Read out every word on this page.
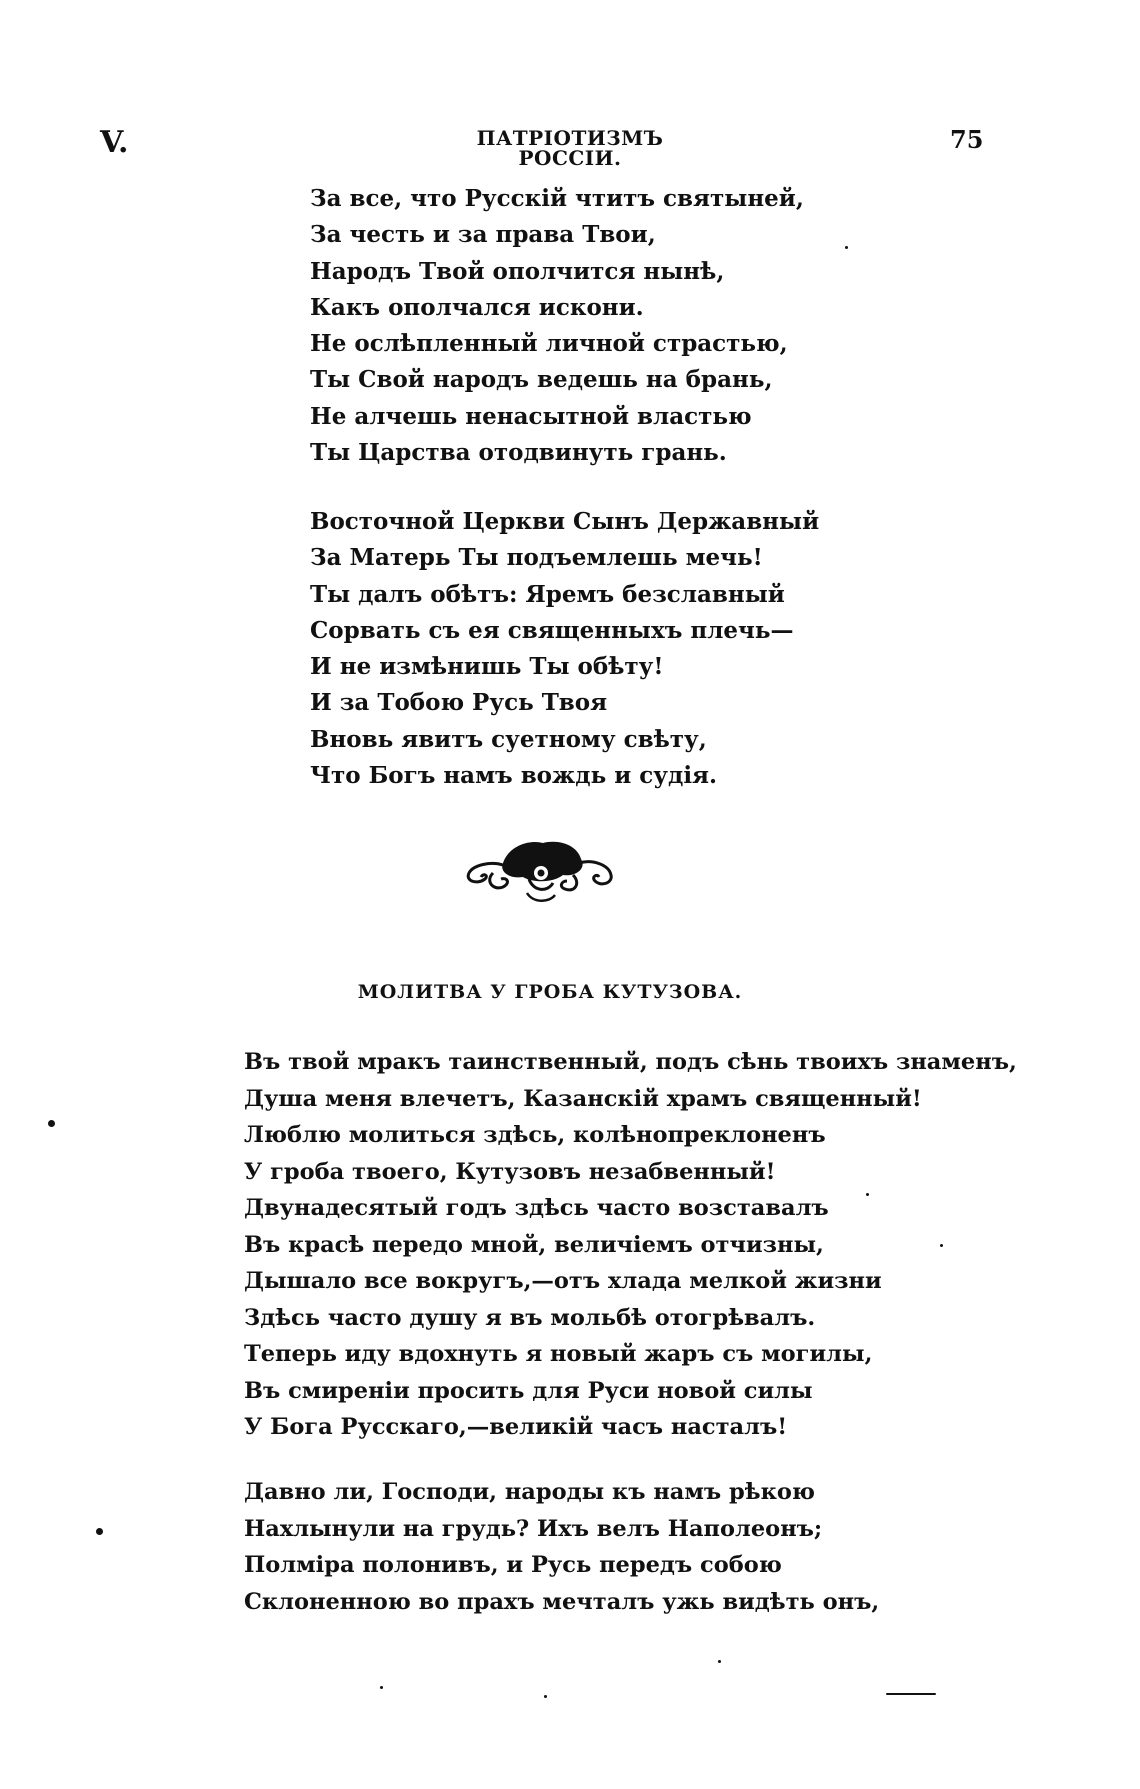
V.	ПАТРІОТИЗМЪ РОССІИ.
75
За все, что Русскій чтитъ святыней,
За честь и за права Твои,
Народъ Твой ополчится нынѣ,
Какъ ополчался искони.
Не ослѣпленный личной страстью,
Ты Свой народъ ведешь на брань,
Не алчешь ненасытной властью
Ты Царства отодвинуть грань.
Восточной Церкви Сынъ Державный
За Матерь Ты подъемлешь мечь!
Ты далъ обѣтъ: Яремъ безславный
Сорвать съ ея священныхъ плечь—
И не измѣнишь Ты обѣту!
И за Тобою Русь Твоя
Вновь явитъ суетному свѣту,
Что Богъ намъ вождь и судія.
МОЛИТВА У ГРОБА КУТУЗОВА.
Въ твой мракъ таинственный, подъ сѣнь твоихъ знаменъ,
Душа меня влечетъ, Казанскій храмъ священный!
Люблю молиться здѣсь, колѣнопреклоненъ
У гроба твоего, Кутузовъ незабвенный!
Двунадесятый годъ здѣсь часто возставалъ
Въ красѣ передо мной, величіемъ отчизны,
Дышало все вокругъ,—отъ хлада мелкой жизни
Здѣсь часто душу я въ мольбѣ отогрѣвалъ.
Теперь иду вдохнуть я новый жаръ съ могилы,
Въ смиреніи просить для Руси новой силы
У Бога Русскаго,—великій часъ насталъ!
Давно ли, Господи, народы къ намъ рѣкою
Нахлынули на грудь? Ихъ велъ Наполеонъ;
Полміра полонивъ, и Русь передъ собою
Склоненною во прахъ мечталъ ужь видѣть онъ,
